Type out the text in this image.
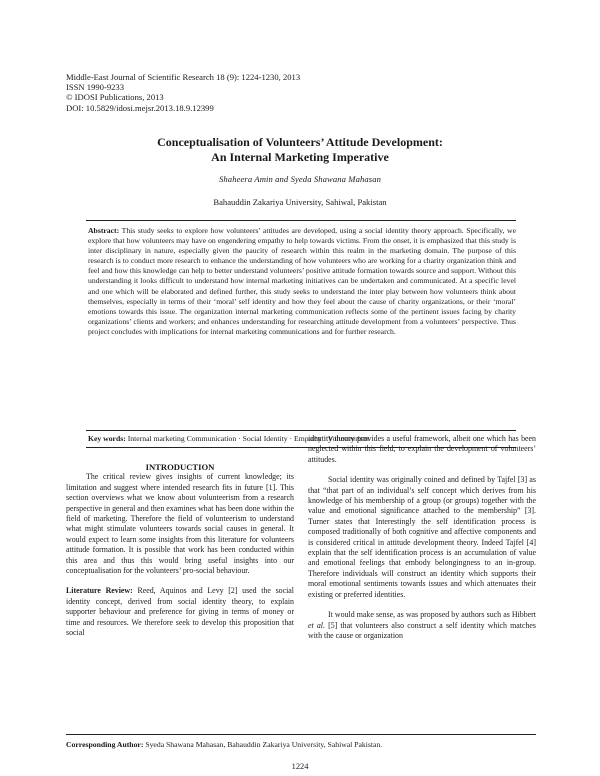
Middle-East Journal of Scientific Research 18 (9): 1224-1230, 2013
ISSN 1990-9233
© IDOSI Publications, 2013
DOI: 10.5829/idosi.mejsr.2013.18.9.12399
Conceptualisation of Volunteers’ Attitude Development:
An Internal Marketing Imperative
Shaheera Amin and Syeda Shawana Mahasan
Bahauddin Zakariya University, Sahiwal, Pakistan
Abstract: This study seeks to explore how volunteers’ attitudes are developed, using a social identity theory approach. Specifically, we explore that how volunteers may have on engendering empathy to help towards victims. From the onset, it is emphasized that this study is inter disciplinary in nature, especially given the paucity of research within this realm in the marketing domain. The purpose of this research is to conduct more research to enhance the understanding of how volunteers who are working for a charity organization think and feel and how this knowledge can help to better understand volunteers’ positive attitude formation towards source and support. Without this understanding it looks difficult to understand how internal marketing initiatives can be undertaken and communicated. At a specific level and one which will be elaborated and defined further, this study seeks to understand the inter play between how volunteers think about themselves, especially in terms of their ‘moral’ self identity and how they feel about the cause of charity organizations, or their ‘moral’ emotions towards this issue. The organization internal marketing communication reflects some of the pertinent issues facing by charity organizations’ clients and workers; and enhances understanding for researching attitude development from a volunteers’ perspective. Thus project concludes with implications for internal marketing communications and for further research.
Key words: Internal marketing Communication · Social Identity · Empathy · Volunteerism

INTRODUCTION

The critical review gives insights of current knowledge; its limitation and suggest where intended research fits in future [1]. This section overviews what we know about volunteerism from a research perspective in general and then examines what has been done within the field of marketing. Therefore the field of volunteerism to understand what might stimulate volunteers towards social causes in general. It would expect to learn some insights from this literature for volunteers attitude formation. It is possible that work has been conducted within this area and thus this would bring useful insights into our conceptualisation for the volunteers’ pro-social behaviour.

Literature Review: Reed, Aquinos and Levy [2] used the social identity concept, derived from social identity theory, to explain supporter behaviour and preference for giving in terms of money or time and resources. We therefore seek to develop this proposition that social

identity theory provides a useful framework, albeit one which has been neglected within this field, to explain the development of volunteers’ attitudes.

Social identity was originally coined and defined by Tajfel [3] as that “that part of an individual’s self concept which derives from his knowledge of his membership of a group (or groups) together with the value and emotional significance attached to the membership” [3]. Turner states that Interestingly the self identification process is composed traditionally of both cognitive and affective components and is considered critical in attitude development theory. Indeed Tajfel [4] explain that the self identification process is an accumulation of value and emotional feelings that embody belongingness to an in-group. Therefore individuals will construct an identity which supports their moral emotional sentiments towards issues and which attenuates their existing or preferred identities.

It would make sense, as was proposed by authors such as Hibbert et al. [5] that volunteers also construct a self identity which matches with the cause or organization

Corresponding Author: Syeda Shawana Mahasan, Bahauddin Zakariya University, Sahiwal Pakistan.
1224
